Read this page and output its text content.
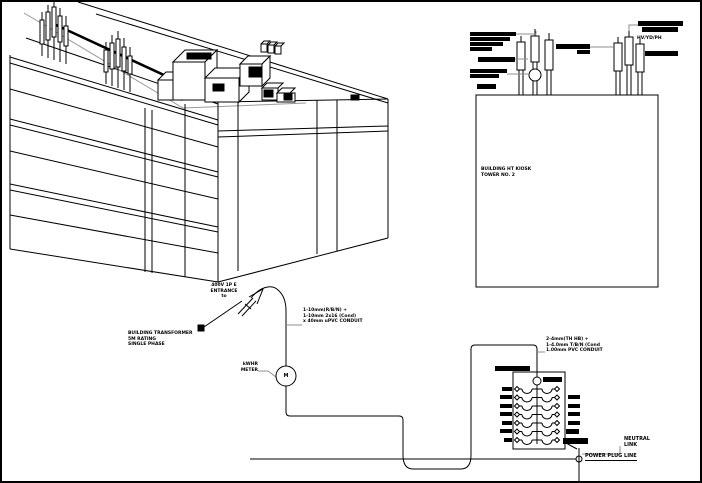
HV/YD/PH
BUILDING HT KIOSK
TOWER NO. 2
400V 1P E
ENTRANCE
to
1-10mm(R/B/N) +
1-10mm 2x16 (Cond)
x 40mm uPVC CONDUIT
BUILDING TRANSFORMER
5M RATING
SINGLE PHASE
kWHR
METER
M
2-4mm(TH HB) +
1-4.0mm T/B/N (Cond
1.00mm PVC CONDUIT
NEUTRAL
LINK
POWER PLUG LINE
